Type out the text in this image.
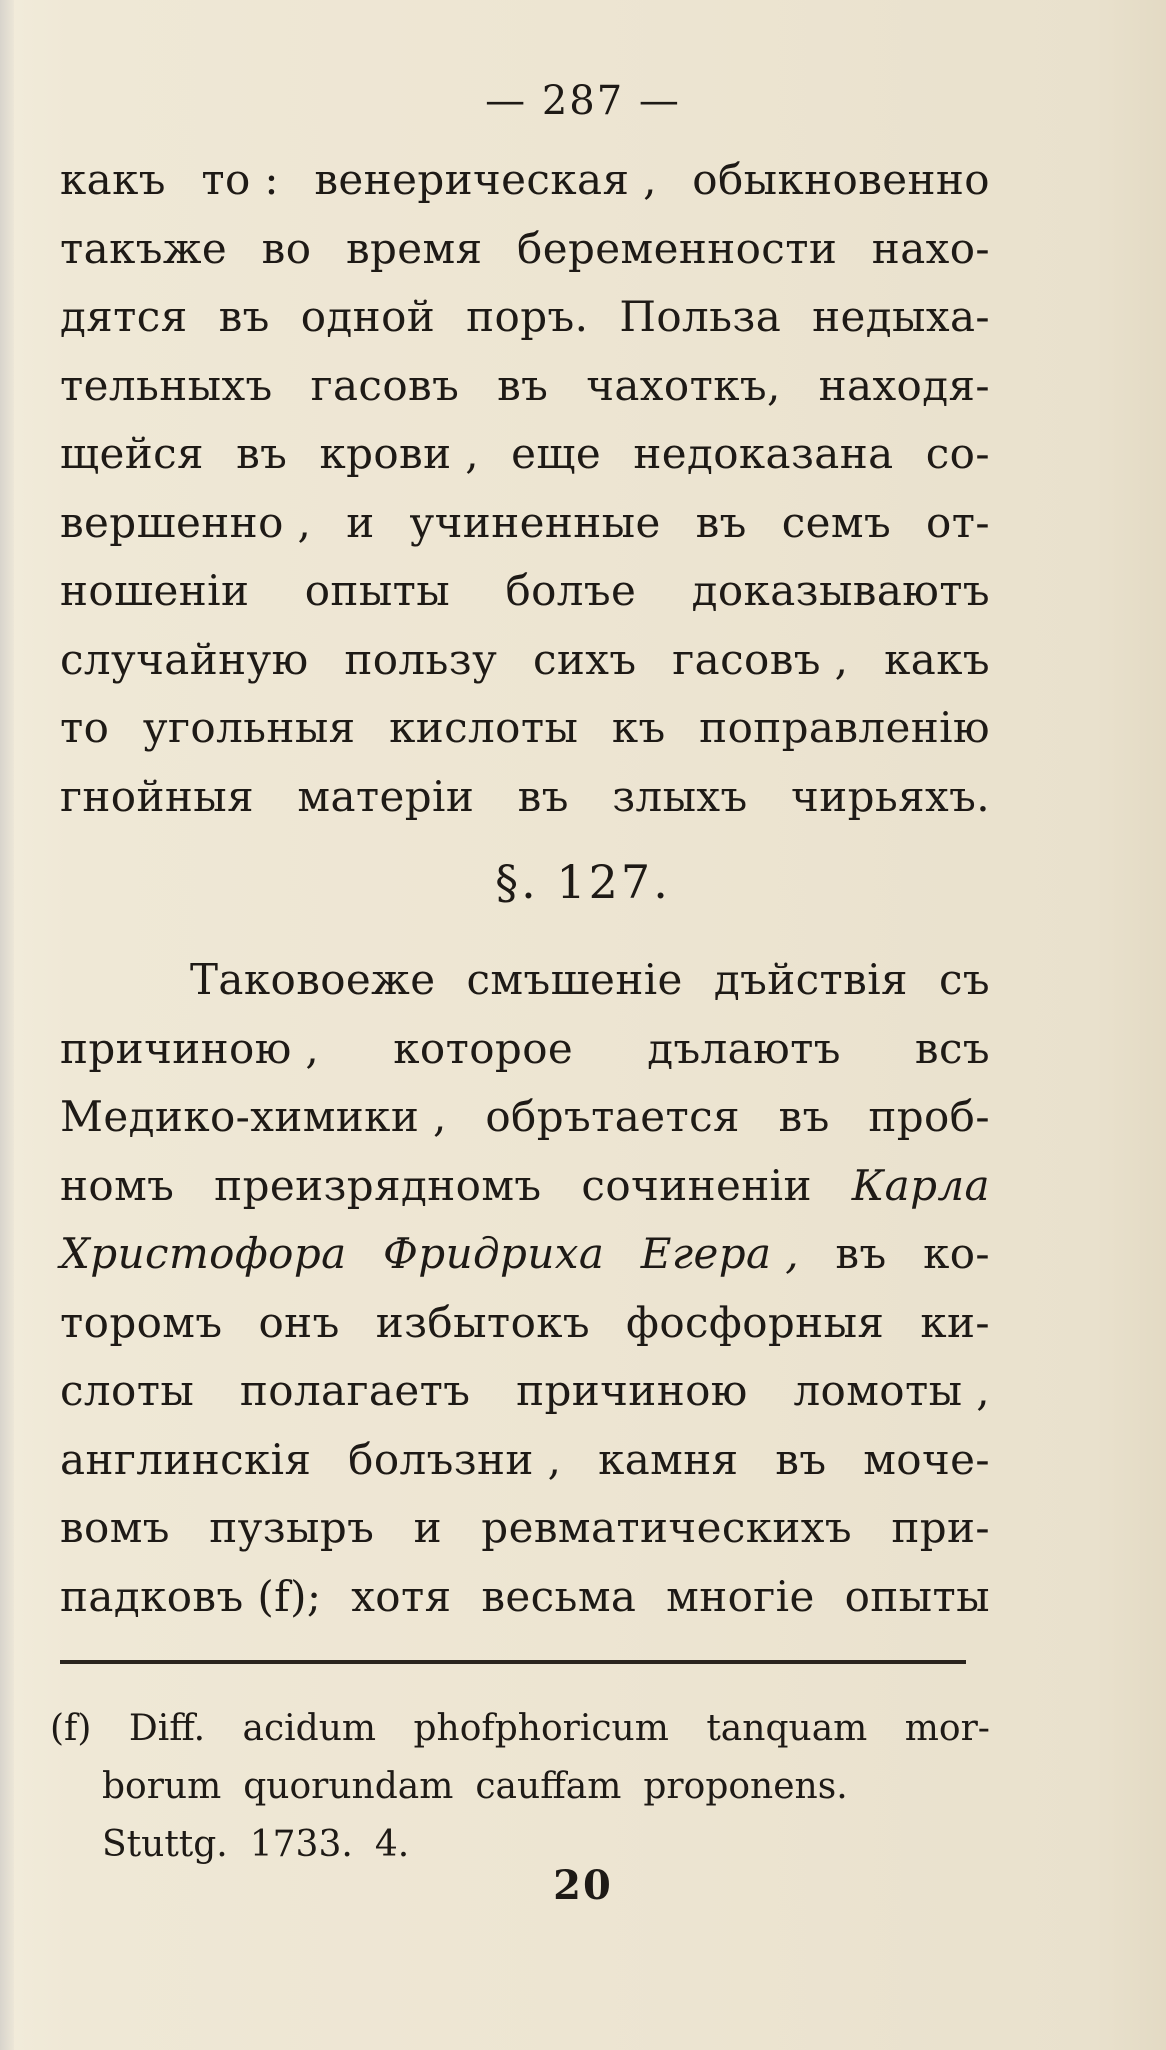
— 287 —
какъ то : венерическая , обыкновенно
такъже во время беременности нахо-
дятся въ одной поръ. Польза недыха-
тельныхъ гасовъ въ чахоткъ, находя-
щейся въ крови , еще недоказана со-
вершенно , и учиненные въ семъ от-
ношенiи опыты болъе доказываютъ
случайную пользу сихъ гасовъ , какъ
то угольныя кислоты къ поправленiю
гнойныя матерiи въ злыхъ чирьяхъ.
§. 127.
Таковоеже смъшенiе дъйствiя съ
причиною , которое дълаютъ всъ
Медико-химики , обрътается въ проб-
номъ преизрядномъ сочиненiи Карла
Христофора Фридриха Егера , въ ко-
торомъ онъ избытокъ фосфорныя ки-
слоты полагаетъ причиною ломоты ,
англинскiя болъзни , камня въ моче-
вомъ пузыръ и ревматическихъ при-
падковъ (f); хотя весьма многiе опыты
(f) Diff. acidum phofphoricum tanquam mor-
borum quorundam cauffam proponens.
Stuttg. 1733. 4.
20
